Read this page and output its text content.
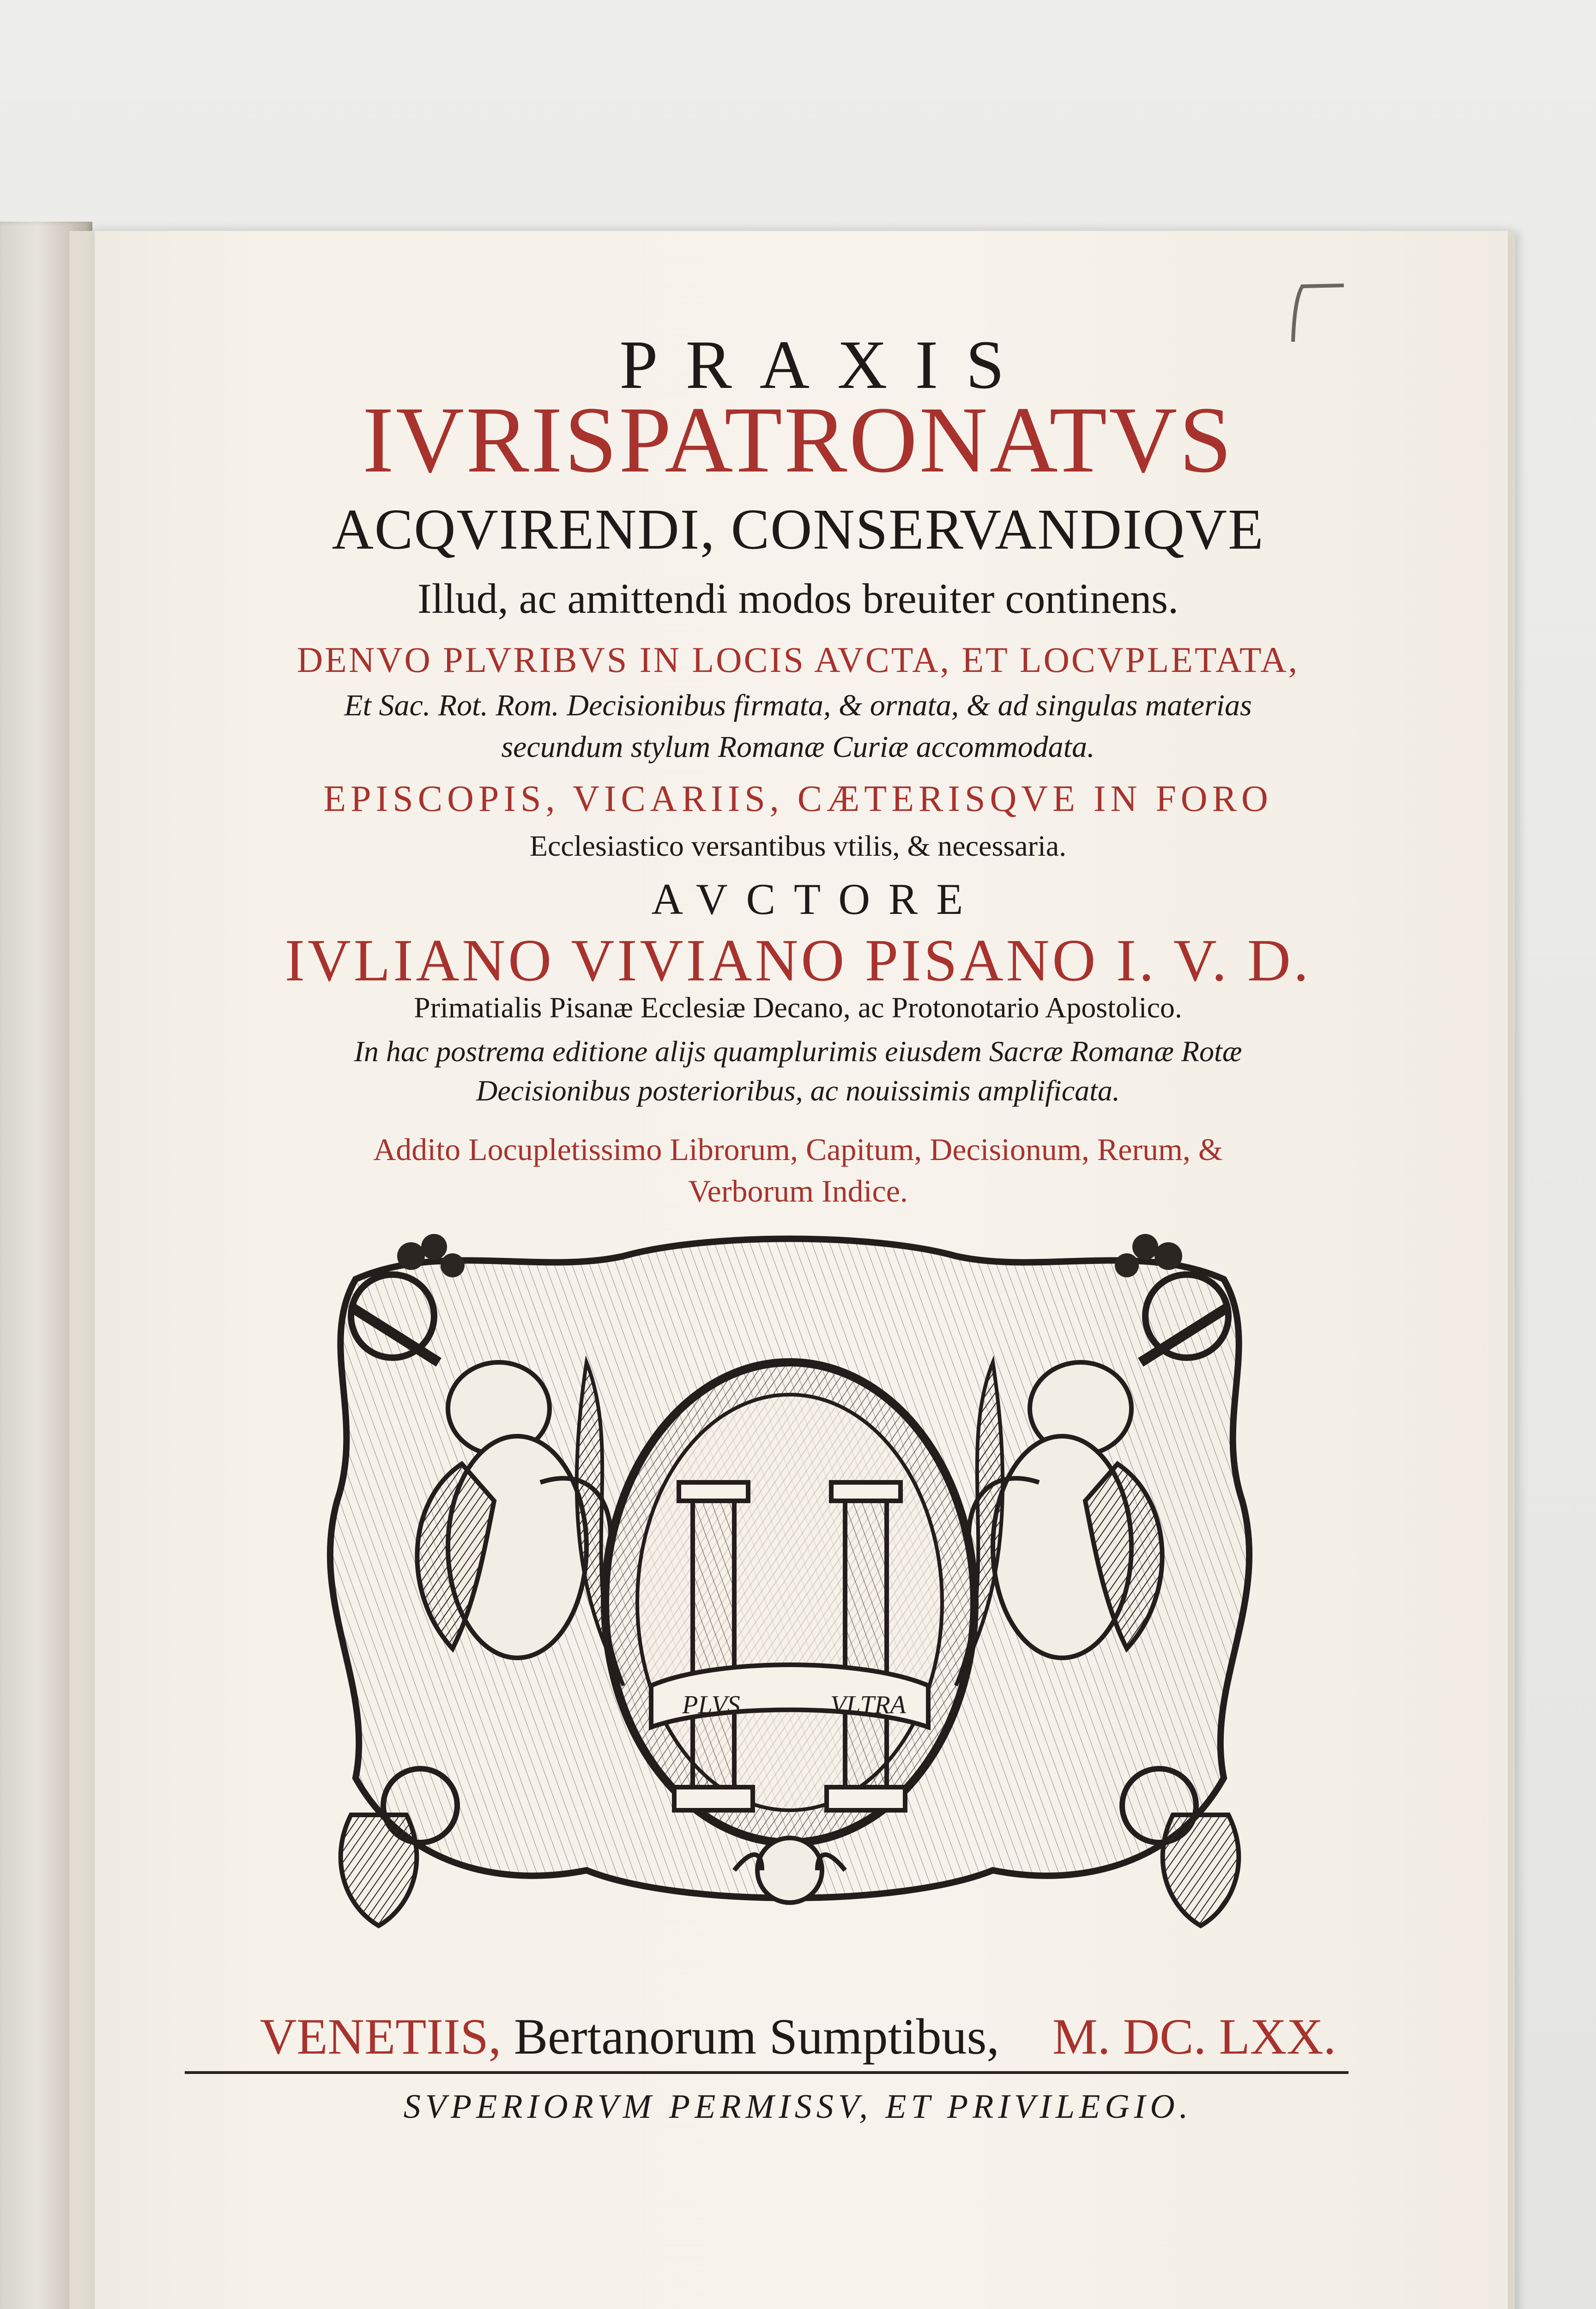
PRAXIS
IVRISPATRONATVS
ACQVIRENDI, CONSERVANDIQVE
Illud, ac amittendi modos breuiter continens.
DENVO PLVRIBVS IN LOCIS AVCTA, ET LOCVPLETATA,
Et Sac. Rot. Rom. Decisionibus firmata, & ornata, & ad singulas materias
secundum stylum Romanæ Curiæ accommodata.
EPISCOPIS, VICARIIS, CÆTERISQVE IN FORO
Ecclesiastico versantibus vtilis, & necessaria.
AVCTORE
IVLIANO VIVIANO PISANO I. V. D.
Primatialis Pisanæ Ecclesiæ Decano, ac Protonotario Apostolico.
In hac postrema editione alijs quamplurimis eiusdem Sacræ Romanæ Rotæ
Decisionibus posterioribus, ac nouissimis amplificata.
Addito Locupletissimo Librorum, Capitum, Decisionum, Rerum, &
Verborum Indice.
PLVS	VLTRA
VENETIIS, Bertanorum Sumptibus, M. DC. LXX.
SVPERIORVM PERMISSV, ET PRIVILEGIO.
